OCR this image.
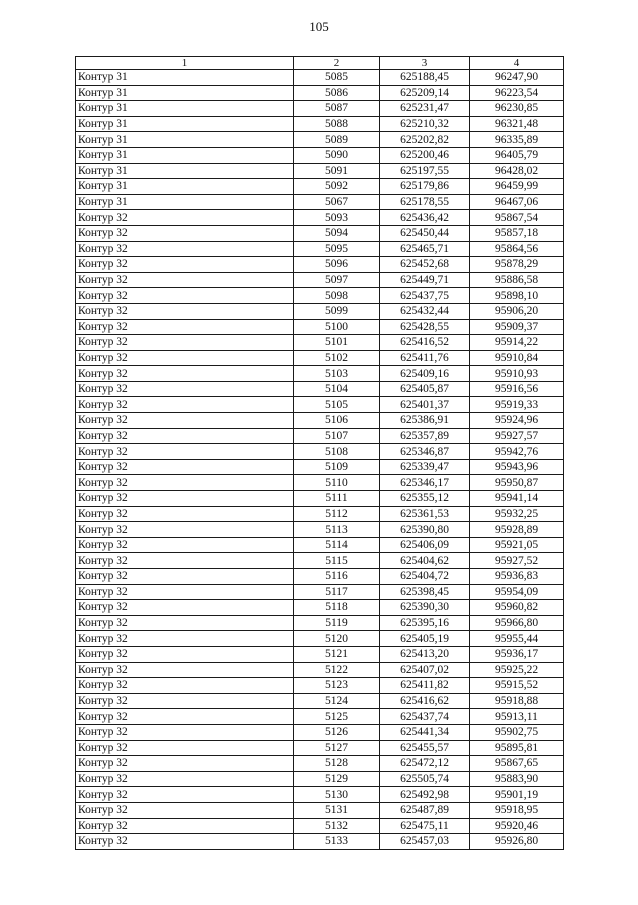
105
1	2	3	4
Контур 31	5085	625188,45	96247,90
Контур 31	5086	625209,14	96223,54
Контур 31	5087	625231,47	96230,85
Контур 31	5088	625210,32	96321,48
Контур 31	5089	625202,82	96335,89
Контур 31	5090	625200,46	96405,79
Контур 31	5091	625197,55	96428,02
Контур 31	5092	625179,86	96459,99
Контур 31	5067	625178,55	96467,06
Контур 32	5093	625436,42	95867,54
Контур 32	5094	625450,44	95857,18
Контур 32	5095	625465,71	95864,56
Контур 32	5096	625452,68	95878,29
Контур 32	5097	625449,71	95886,58
Контур 32	5098	625437,75	95898,10
Контур 32	5099	625432,44	95906,20
Контур 32	5100	625428,55	95909,37
Контур 32	5101	625416,52	95914,22
Контур 32	5102	625411,76	95910,84
Контур 32	5103	625409,16	95910,93
Контур 32	5104	625405,87	95916,56
Контур 32	5105	625401,37	95919,33
Контур 32	5106	625386,91	95924,96
Контур 32	5107	625357,89	95927,57
Контур 32	5108	625346,87	95942,76
Контур 32	5109	625339,47	95943,96
Контур 32	5110	625346,17	95950,87
Контур 32	5111	625355,12	95941,14
Контур 32	5112	625361,53	95932,25
Контур 32	5113	625390,80	95928,89
Контур 32	5114	625406,09	95921,05
Контур 32	5115	625404,62	95927,52
Контур 32	5116	625404,72	95936,83
Контур 32	5117	625398,45	95954,09
Контур 32	5118	625390,30	95960,82
Контур 32	5119	625395,16	95966,80
Контур 32	5120	625405,19	95955,44
Контур 32	5121	625413,20	95936,17
Контур 32	5122	625407,02	95925,22
Контур 32	5123	625411,82	95915,52
Контур 32	5124	625416,62	95918,88
Контур 32	5125	625437,74	95913,11
Контур 32	5126	625441,34	95902,75
Контур 32	5127	625455,57	95895,81
Контур 32	5128	625472,12	95867,65
Контур 32	5129	625505,74	95883,90
Контур 32	5130	625492,98	95901,19
Контур 32	5131	625487,89	95918,95
Контур 32	5132	625475,11	95920,46
Контур 32	5133	625457,03	95926,80
